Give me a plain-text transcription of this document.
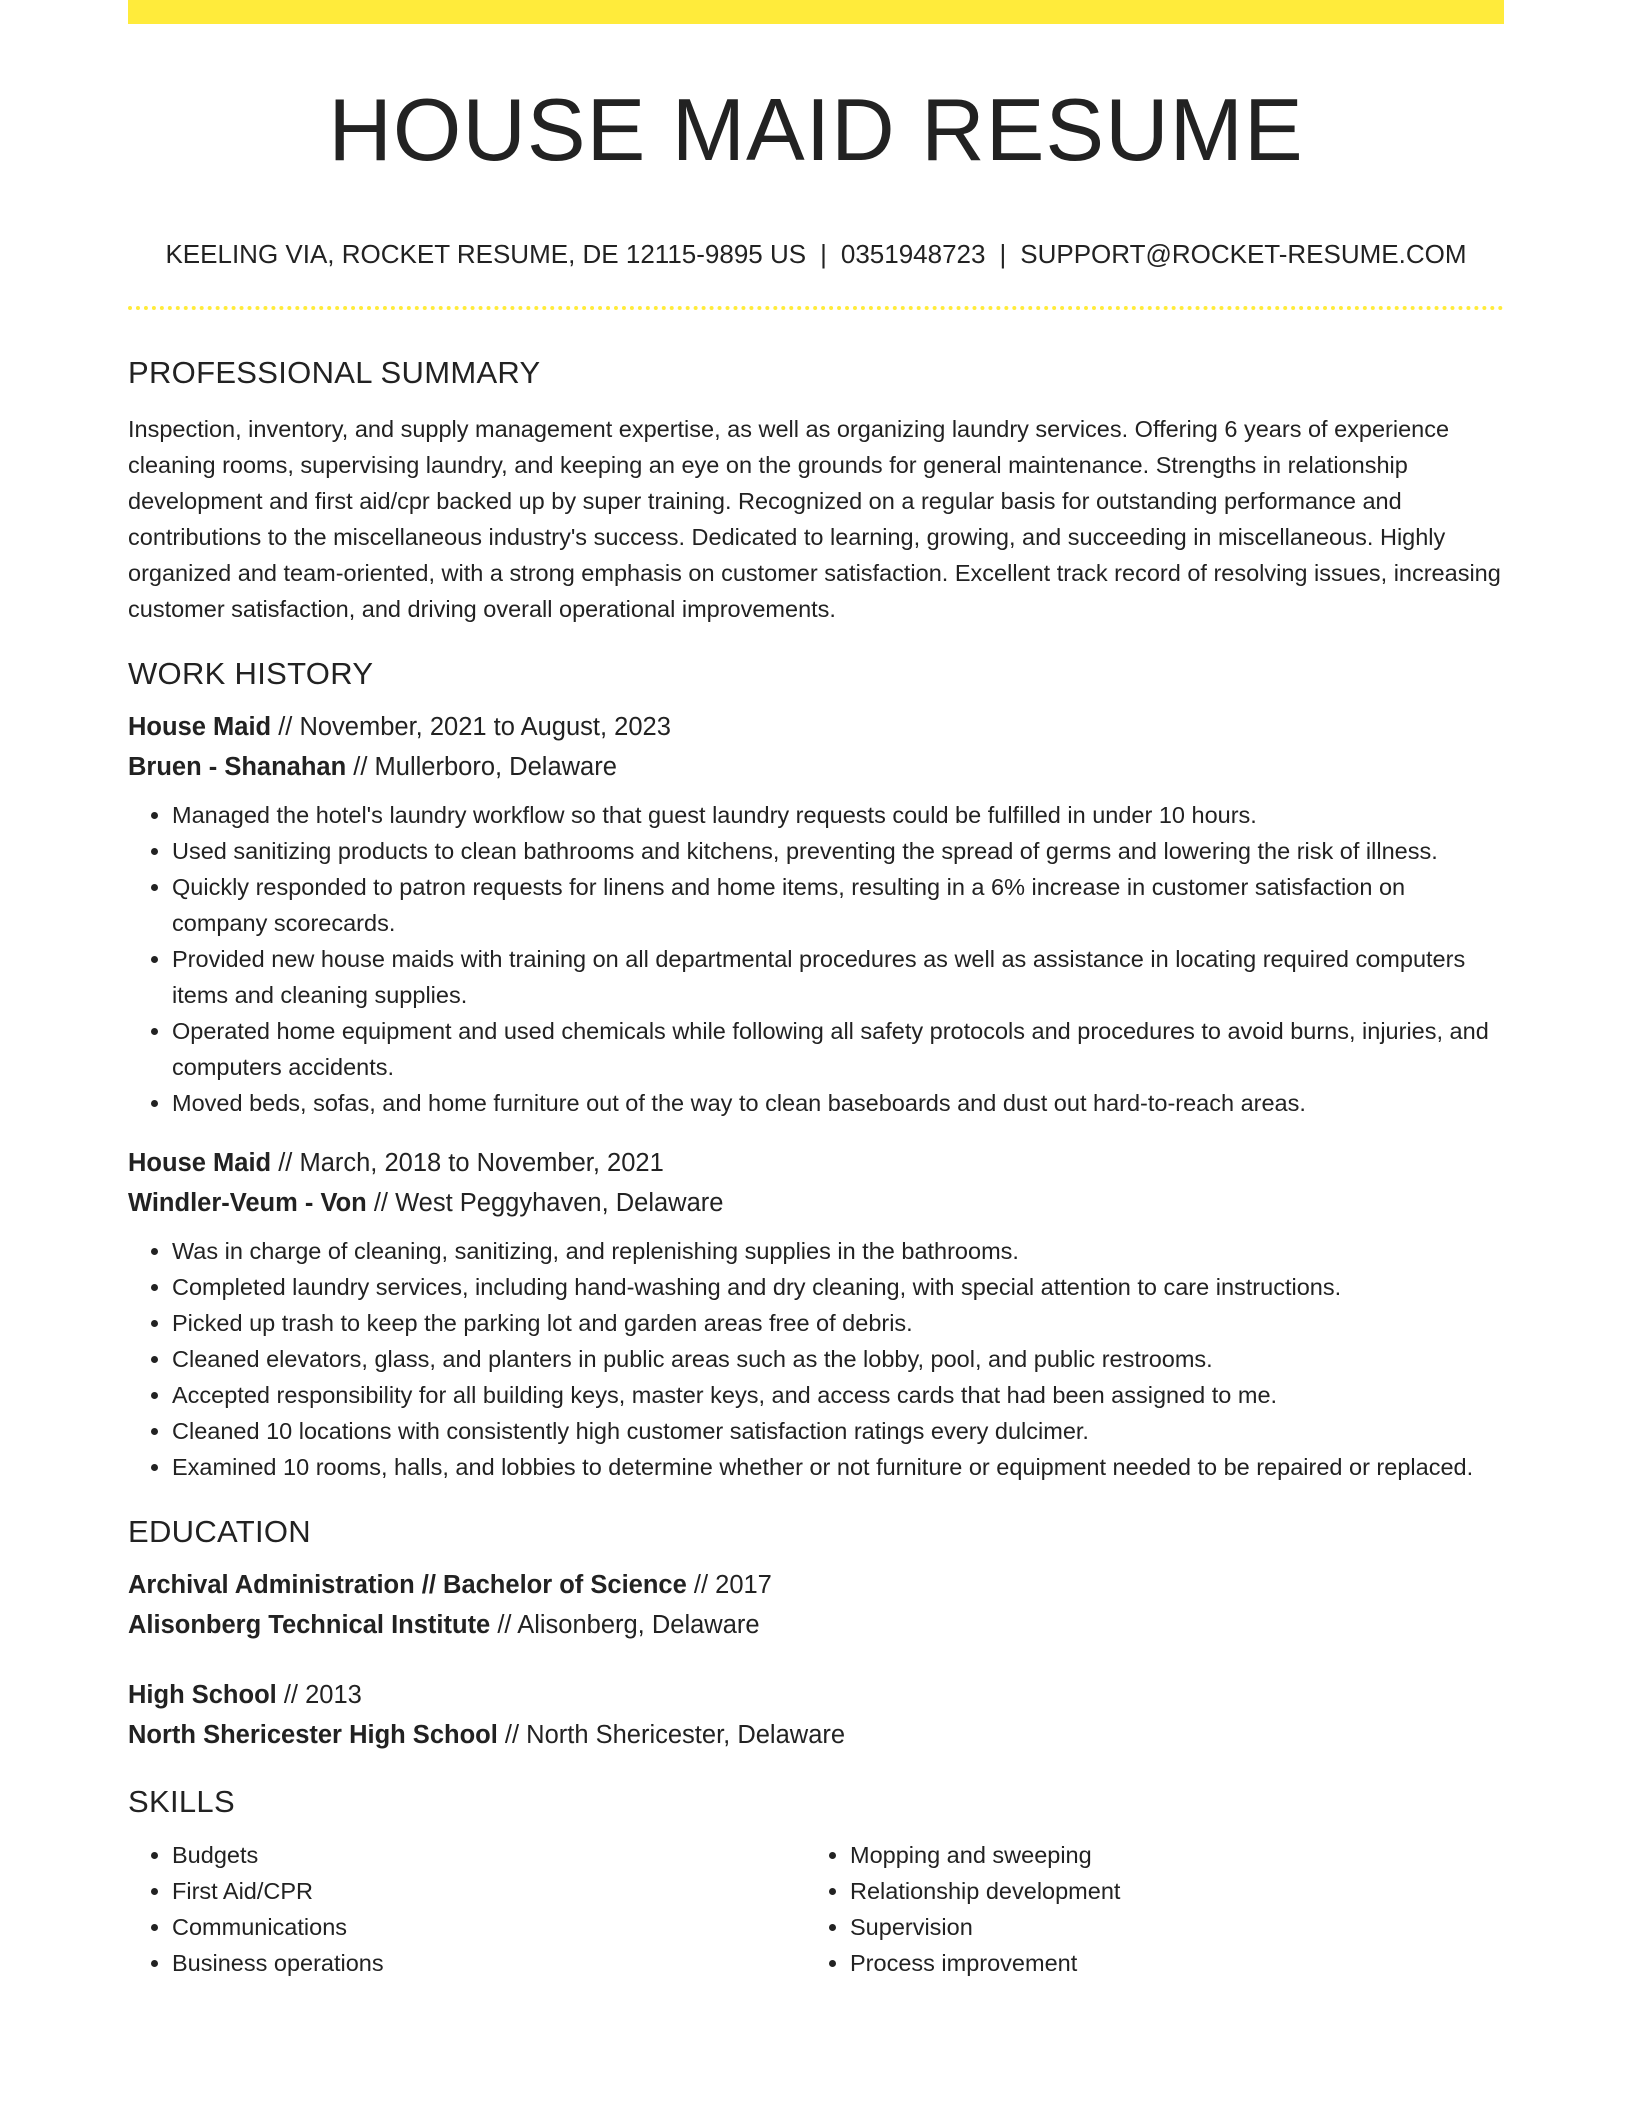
HOUSE MAID RESUME
KEELING VIA, ROCKET RESUME, DE 12115-9895 US | 0351948723 | SUPPORT@ROCKET-RESUME.COM
PROFESSIONAL SUMMARY

Inspection, inventory, and supply management expertise, as well as organizing laundry services. Offering 6 years of experience cleaning rooms, supervising laundry, and keeping an eye on the grounds for general maintenance. Strengths in relationship development and first aid/cpr backed up by super training. Recognized on a regular basis for outstanding performance and contributions to the miscellaneous industry's success. Dedicated to learning, growing, and succeeding in miscellaneous. Highly organized and team-oriented, with a strong emphasis on customer satisfaction. Excellent track record of resolving issues, increasing customer satisfaction, and driving overall operational improvements.

WORK HISTORY
House Maid // November, 2021 to August, 2023
Bruen - Shanahan // Mullerboro, Delaware
• Managed the hotel's laundry workflow so that guest laundry requests could be fulfilled in under 10 hours.
• Used sanitizing products to clean bathrooms and kitchens, preventing the spread of germs and lowering the risk of illness.
• Quickly responded to patron requests for linens and home items, resulting in a 6% increase in customer satisfaction on company scorecards.
• Provided new house maids with training on all departmental procedures as well as assistance in locating required computers items and cleaning supplies.
• Operated home equipment and used chemicals while following all safety protocols and procedures to avoid burns, injuries, and computers accidents.
• Moved beds, sofas, and home furniture out of the way to clean baseboards and dust out hard-to-reach areas.
House Maid // March, 2018 to November, 2021
Windler-Veum - Von // West Peggyhaven, Delaware
• Was in charge of cleaning, sanitizing, and replenishing supplies in the bathrooms.
• Completed laundry services, including hand-washing and dry cleaning, with special attention to care instructions.
• Picked up trash to keep the parking lot and garden areas free of debris.
• Cleaned elevators, glass, and planters in public areas such as the lobby, pool, and public restrooms.
• Accepted responsibility for all building keys, master keys, and access cards that had been assigned to me.
• Cleaned 10 locations with consistently high customer satisfaction ratings every dulcimer.
• Examined 10 rooms, halls, and lobbies to determine whether or not furniture or equipment needed to be repaired or replaced.
EDUCATION
Archival Administration // Bachelor of Science // 2017
Alisonberg Technical Institute // Alisonberg, Delaware
High School // 2013
North Shericester High School // North Shericester, Delaware
SKILLS
• Budgets
• First Aid/CPR
• Communications
• Business operations
• Mopping and sweeping
• Relationship development
• Supervision
• Process improvement
